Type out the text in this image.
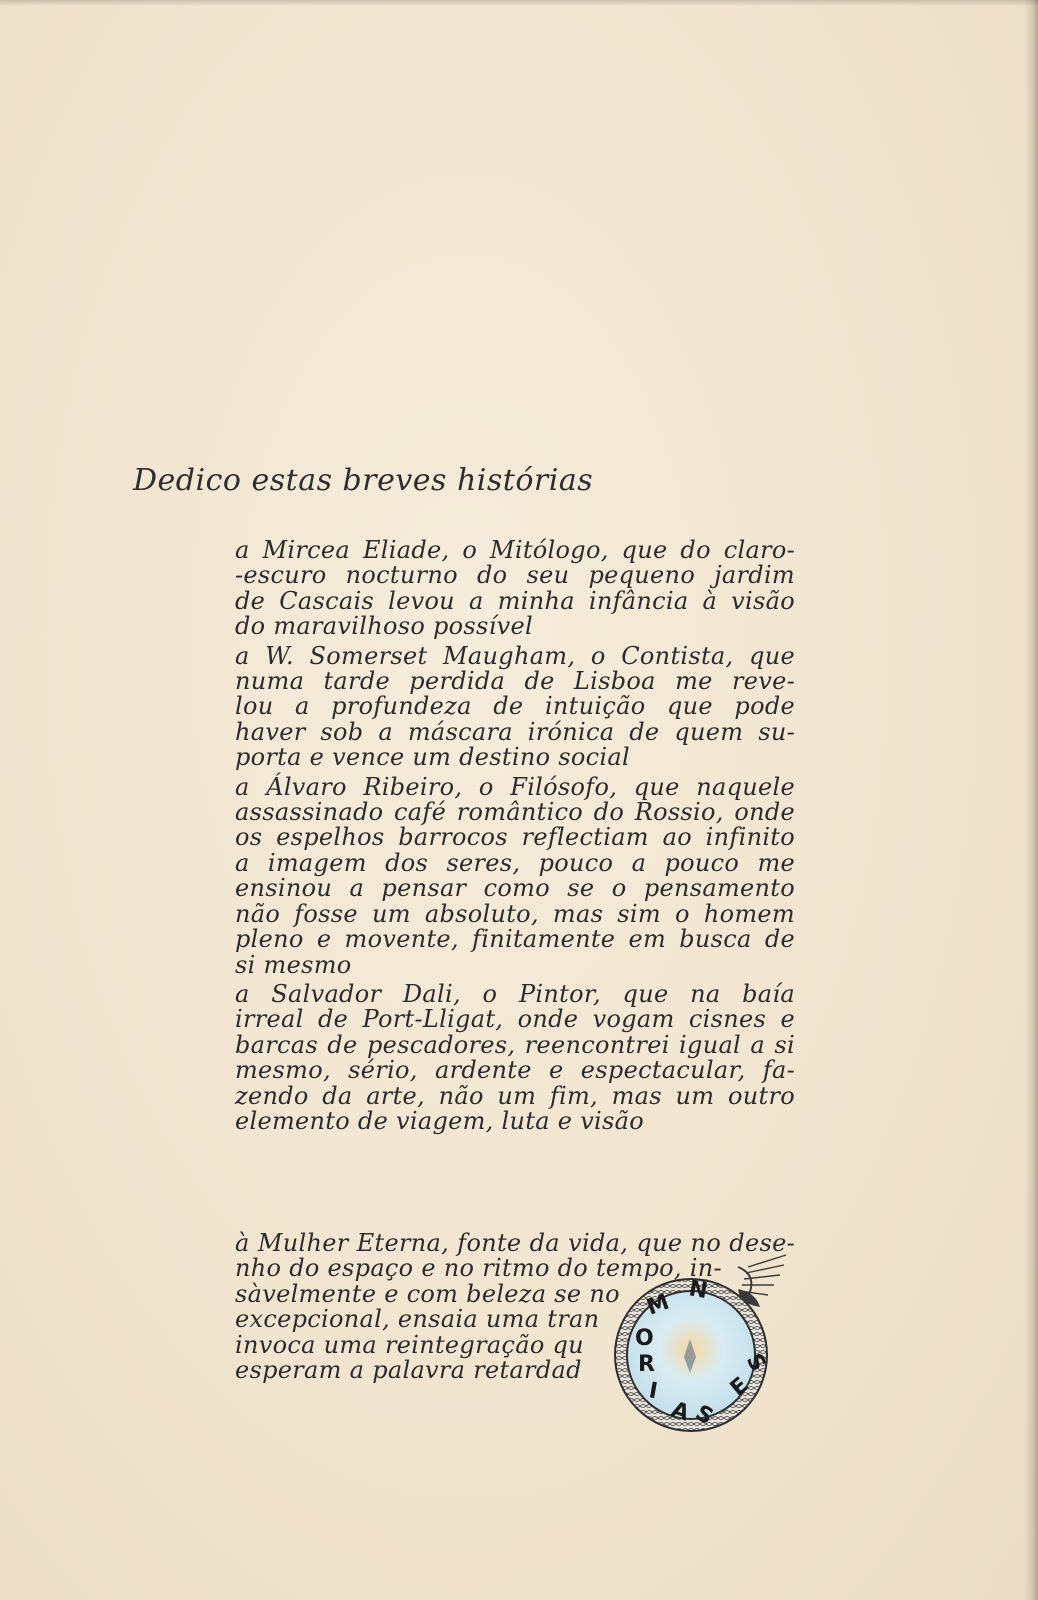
Dedico estas breves histórias
a Mircea Eliade, o Mitólogo, que do claro-
-escuro nocturno do seu pequeno jardim
de Cascais levou a minha infância à visão
do maravilhoso possível
a W. Somerset Maugham, o Contista, que
numa tarde perdida de Lisboa me reve-
lou a profundeza de intuição que pode
haver sob a máscara irónica de quem su-
porta e vence um destino social
a Álvaro Ribeiro, o Filósofo, que naquele
assassinado café romântico do Rossio, onde
os espelhos barrocos reflectiam ao infinito
a imagem dos seres, pouco a pouco me
ensinou a pensar como se o pensamento
não fosse um absoluto, mas sim o homem
pleno e movente, finitamente em busca de
si mesmo
a Salvador Dali, o Pintor, que na baía
irreal de Port-Lligat, onde vogam cisnes e
barcas de pescadores, reencontrei igual a si
mesmo, sério, ardente e espectacular, fa-
zendo da arte, não um fim, mas um outro
elemento de viagem, luta e visão
à Mulher Eterna, fonte da vida, que no dese-
nho do espaço e no ritmo do tempo, in-
sàvelmente e com beleza se no
excepcional, ensaia uma tran
invoca uma reintegração qu
esperam a palavra retardad
M N
O
R
I
A
S
E
S
